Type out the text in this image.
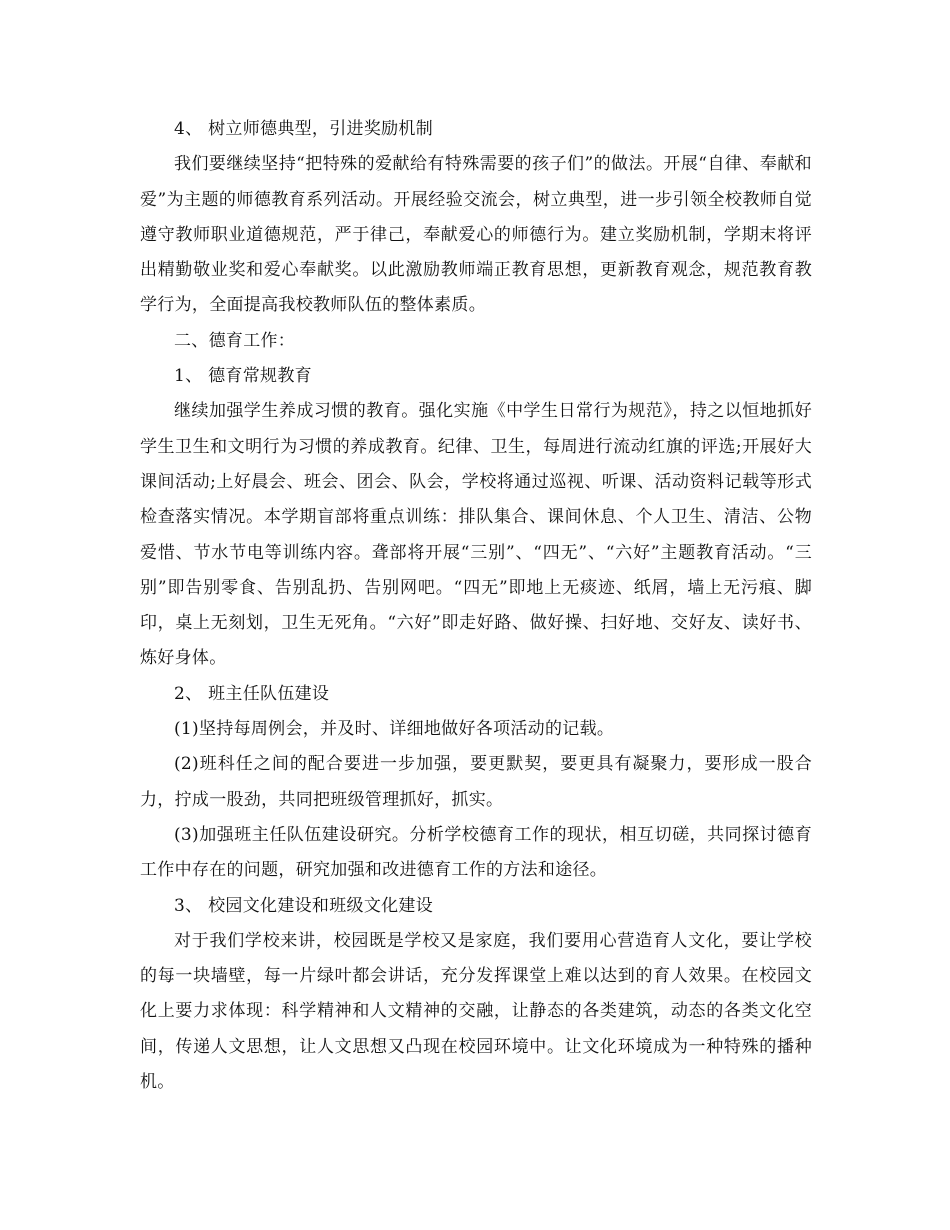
4、 树立师德典型，引进奖励机制

我们要继续坚持“把特殊的爱献给有特殊需要的孩子们”的做法。开展“自律、奉献和爱”为主题的师德教育系列活动。开展经验交流会，树立典型，进一步引领全校教师自觉遵守教师职业道德规范，严于律己，奉献爱心的师德行为。建立奖励机制，学期末将评出精勤敬业奖和爱心奉献奖。以此激励教师端正教育思想，更新教育观念，规范教育教学行为，全面提高我校教师队伍的整体素质。

二、德育工作：

1、 德育常规教育

继续加强学生养成习惯的教育。强化实施《中学生日常行为规范》，持之以恒地抓好学生卫生和文明行为习惯的养成教育。纪律、卫生，每周进行流动红旗的评选;开展好大课间活动;上好晨会、班会、团会、队会，学校将通过巡视、听课、活动资料记载等形式检查落实情况。本学期盲部将重点训练：排队集合、课间休息、个人卫生、清洁、公物爱惜、节水节电等训练内容。聋部将开展“三别”、“四无”、“六好”主题教育活动。“三别”即告别零食、告别乱扔、告别网吧。“四无”即地上无痰迹、纸屑，墙上无污痕、脚印，桌上无刻划，卫生无死角。“六好”即走好路、做好操、扫好地、交好友、读好书、炼好身体。

2、 班主任队伍建设

(1)坚持每周例会，并及时、详细地做好各项活动的记载。

(2)班科任之间的配合要进一步加强，要更默契，要更具有凝聚力，要形成一股合力，拧成一股劲，共同把班级管理抓好，抓实。

(3)加强班主任队伍建设研究。分析学校德育工作的现状，相互切磋，共同探讨德育工作中存在的问题，研究加强和改进德育工作的方法和途径。

3、 校园文化建设和班级文化建设

对于我们学校来讲，校园既是学校又是家庭，我们要用心营造育人文化，要让学校的每一块墙壁，每一片绿叶都会讲话，充分发挥课堂上难以达到的育人效果。在校园文化上要力求体现：科学精神和人文精神的交融，让静态的各类建筑，动态的各类文化空间，传递人文思想，让人文思想又凸现在校园环境中。让文化环境成为一种特殊的播种机。
